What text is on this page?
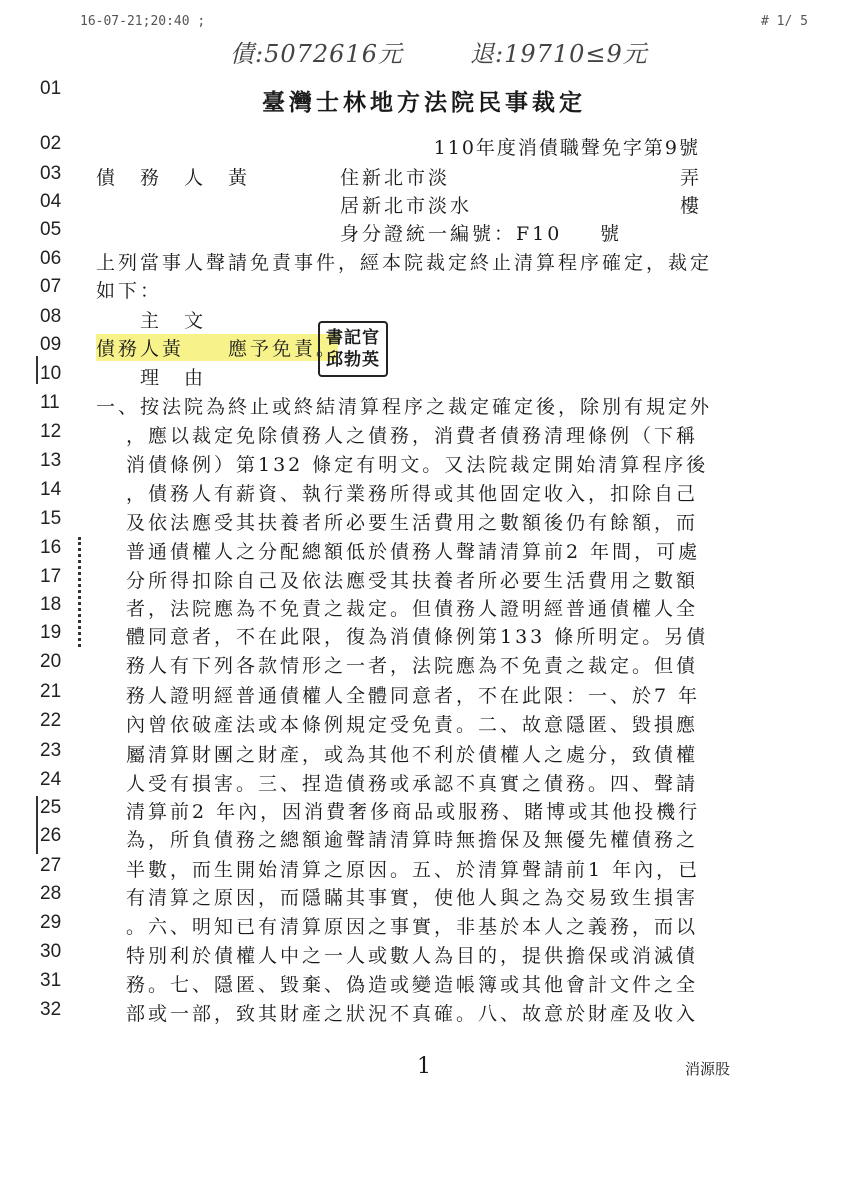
16-07-21;20:40 ;	# 1/ 5
債:5072616元	退:19710≤9元
01
02
03
04
05
06
07
08
09
10
11
12
13
14
15
16
17
18
19
20
21
22
23
24
25
26
27
28
29
30
31
32
臺灣士林地方法院民事裁定
110年度消債職聲免字第9號
債　務　人　黃	住新北市淡	弄
居新北市淡水	樓
身分證統一編號：F10 號
上列當事人聲請免責事件，經本院裁定終止清算程序確定，裁定
如下：
主　文
債務人黃　　應予免責。
書記官
邱勃英
理　由
一、按法院為終止或終結清算程序之裁定確定後，除別有規定外
，應以裁定免除債務人之債務，消費者債務清理條例（下稱
消債條例）第132 條定有明文。又法院裁定開始清算程序後
，債務人有薪資、執行業務所得或其他固定收入，扣除自己
及依法應受其扶養者所必要生活費用之數額後仍有餘額，而
普通債權人之分配總額低於債務人聲請清算前2 年間，可處
分所得扣除自己及依法應受其扶養者所必要生活費用之數額
者，法院應為不免責之裁定。但債務人證明經普通債權人全
體同意者，不在此限，復為消債條例第133 條所明定。另債
務人有下列各款情形之一者，法院應為不免責之裁定。但債
務人證明經普通債權人全體同意者，不在此限：一、於7 年
內曾依破產法或本條例規定受免責。二、故意隱匿、毀損應
屬清算財團之財產，或為其他不利於債權人之處分，致債權
人受有損害。三、捏造債務或承認不真實之債務。四、聲請
清算前2 年內，因消費奢侈商品或服務、賭博或其他投機行
為，所負債務之總額逾聲請清算時無擔保及無優先權債務之
半數，而生開始清算之原因。五、於清算聲請前1 年內，已
有清算之原因，而隱瞞其事實，使他人與之為交易致生損害
。六、明知已有清算原因之事實，非基於本人之義務，而以
特別利於債權人中之一人或數人為目的，提供擔保或消滅債
務。七、隱匿、毀棄、偽造或變造帳簿或其他會計文件之全
部或一部，致其財產之狀況不真確。八、故意於財產及收入
1	消源股
